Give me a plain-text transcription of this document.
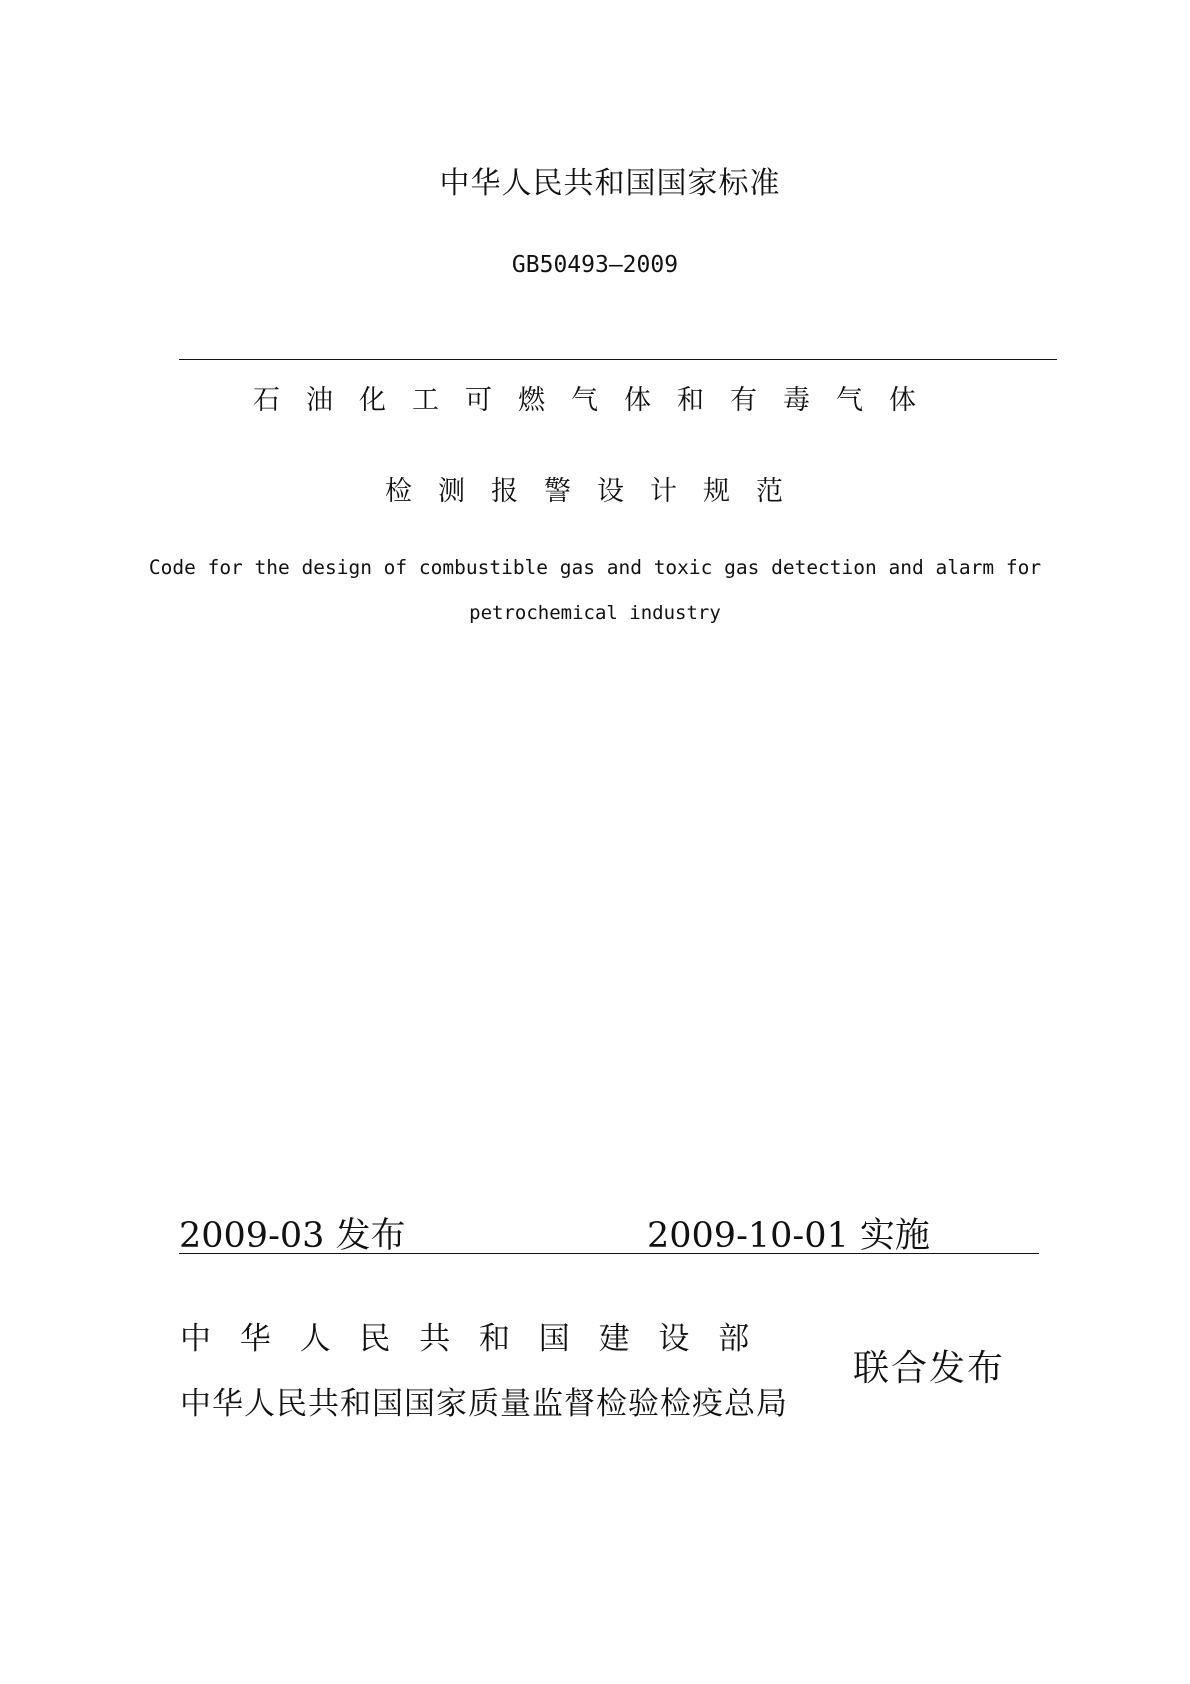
中华人民共和国国家标准
GB50493—2009
石油化工可燃气体和有毒气体
检测报警设计规范
Code for the design of combustible gas and toxic gas detection and alarm for
petrochemical industry
2009-03 发布	2009-10-01 实施
中华人民共和国建设部
中华人民共和国国家质量监督检验检疫总局
联合发布
